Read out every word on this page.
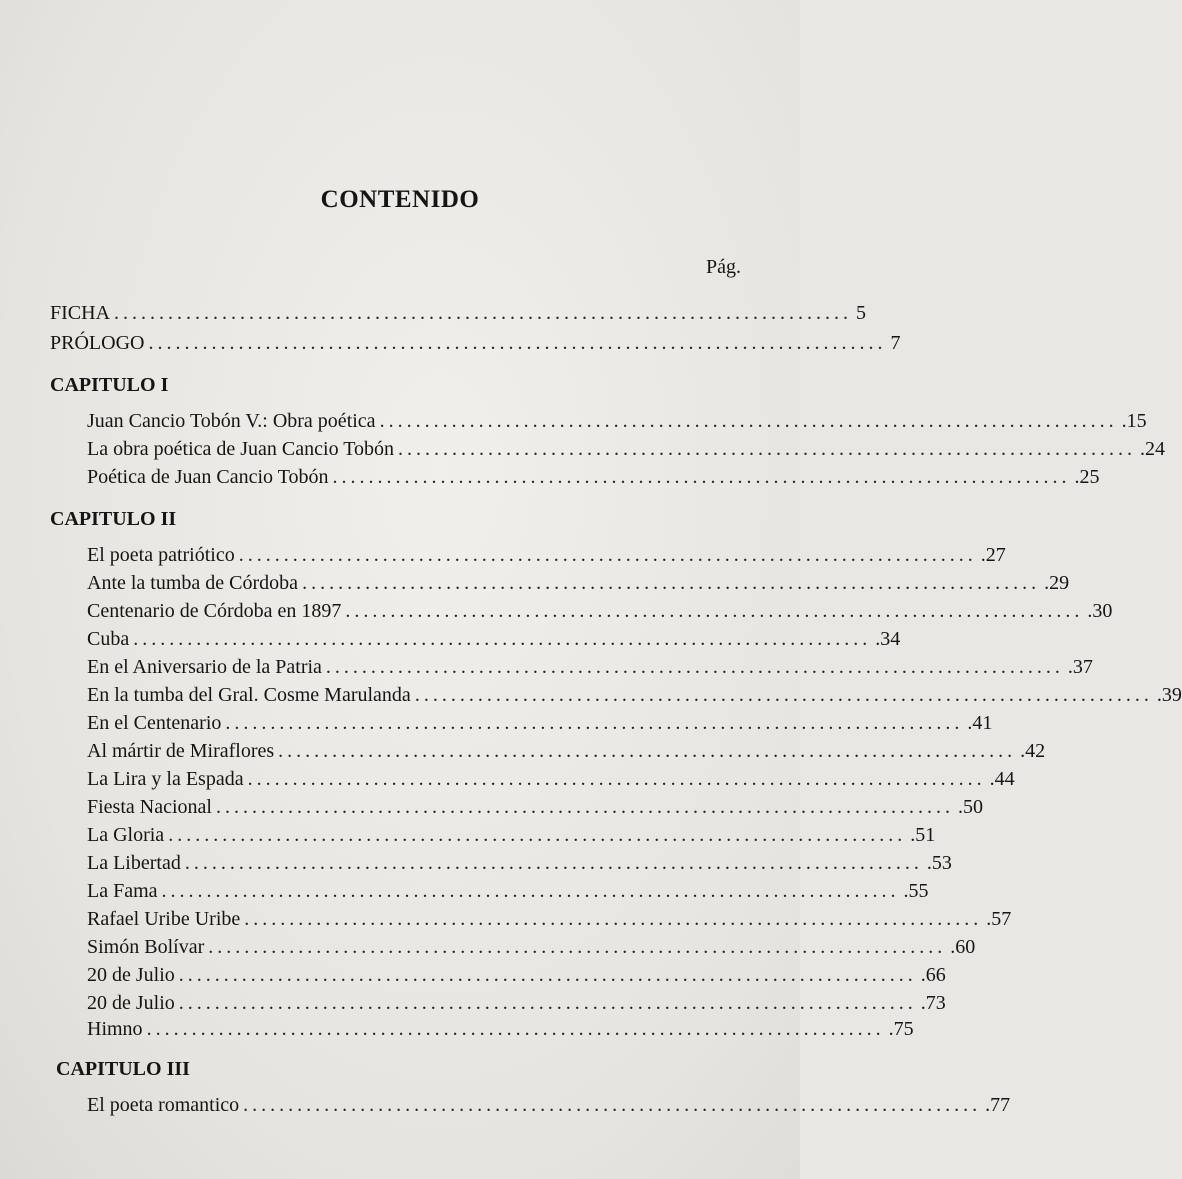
CONTENIDO
Pág.
FICHA .................................................................................. 5
PRÓLOGO .................................................................................. 7
CAPITULO I
Juan Cancio Tobón V.: Obra poética .................................................................................. .15
La obra poética de Juan Cancio Tobón .................................................................................. .24
Poética de Juan Cancio Tobón .................................................................................. .25
CAPITULO II
El poeta patriótico .................................................................................. .27
Ante la tumba de Córdoba .................................................................................. .29
Centenario de Córdoba en 1897 .................................................................................. .30
Cuba .................................................................................. .34
En el Aniversario de la Patria .................................................................................. .37
En la tumba del Gral. Cosme Marulanda .................................................................................. .39
En el Centenario .................................................................................. .41
Al mártir de Miraflores .................................................................................. .42
La Lira y la Espada .................................................................................. .44
Fiesta Nacional .................................................................................. .50
La Gloria .................................................................................. .51
La Libertad .................................................................................. .53
La Fama .................................................................................. .55
Rafael Uribe Uribe .................................................................................. .57
Simón Bolívar .................................................................................. .60
20 de Julio .................................................................................. .66
20 de Julio .................................................................................. .73
Himno .................................................................................. .75
CAPITULO III
El poeta romantico .................................................................................. .77
